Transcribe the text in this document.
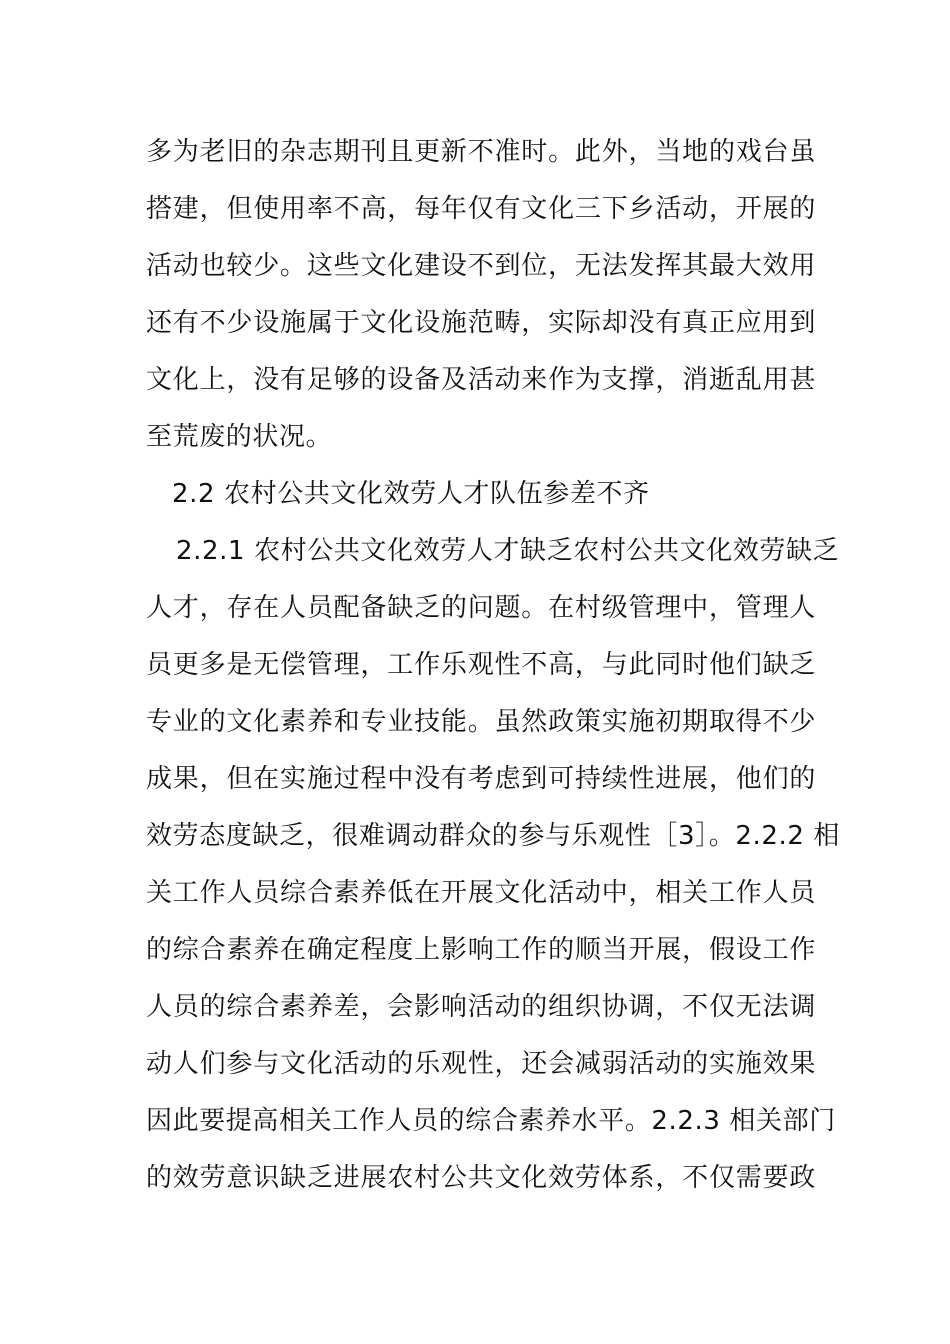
多为老旧的杂志期刊且更新不准时。此外，当地的戏台虽
搭建，但使用率不高，每年仅有文化三下乡活动，开展的
活动也较少。这些文化建设不到位，无法发挥其最大效用
还有不少设施属于文化设施范畴，实际却没有真正应用到
文化上，没有足够的设备及活动来作为支撑，消逝乱用甚
至荒废的状况。
2.2 农村公共文化效劳人才队伍参差不齐
2.2.1 农村公共文化效劳人才缺乏农村公共文化效劳缺乏
人才，存在人员配备缺乏的问题。在村级管理中，管理人
员更多是无偿管理，工作乐观性不高，与此同时他们缺乏
专业的文化素养和专业技能。虽然政策实施初期取得不少
成果，但在实施过程中没有考虑到可持续性进展，他们的
效劳态度缺乏，很难调动群众的参与乐观性［3］。2.2.2 相
关工作人员综合素养低在开展文化活动中，相关工作人员
的综合素养在确定程度上影响工作的顺当开展，假设工作
人员的综合素养差，会影响活动的组织协调，不仅无法调
动人们参与文化活动的乐观性，还会减弱活动的实施效果
因此要提高相关工作人员的综合素养水平。2.2.3 相关部门
的效劳意识缺乏进展农村公共文化效劳体系，不仅需要政
